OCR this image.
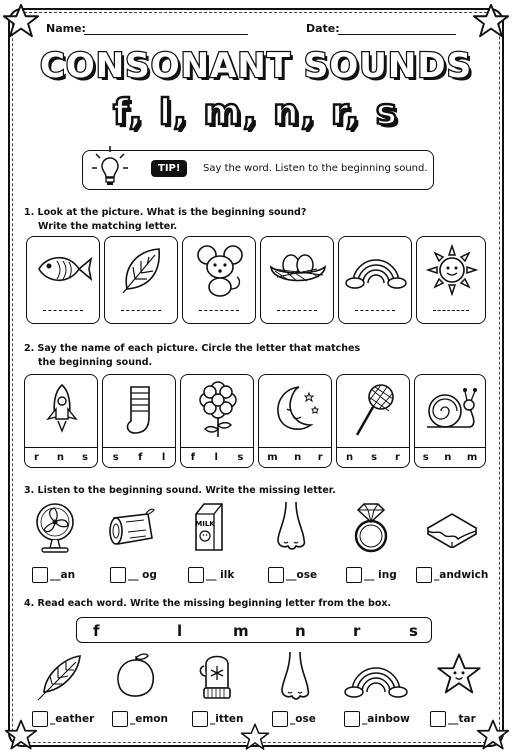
Name:	Date:
CONSONANT SOUNDS
f, l, m, n, r, s
TIP!	Say the word. Listen to the beginning sound.
1. Look at the picture. What is the beginning sound?
Write the matching letter.
2. Say the name of each picture. Circle the letter that matches
the beginning sound.
r n s s f l	f l s m n r n s r s n m
3. Listen to the beginning sound. Write the missing letter.
MILK
__an	__ og	__ ilk	__ose	__ ing	_andwich
4. Read each word. Write the missing beginning letter from the box.
f	l	m	n	r	s
_eather	_emon	_itten	_ose	_ainbow	__tar
